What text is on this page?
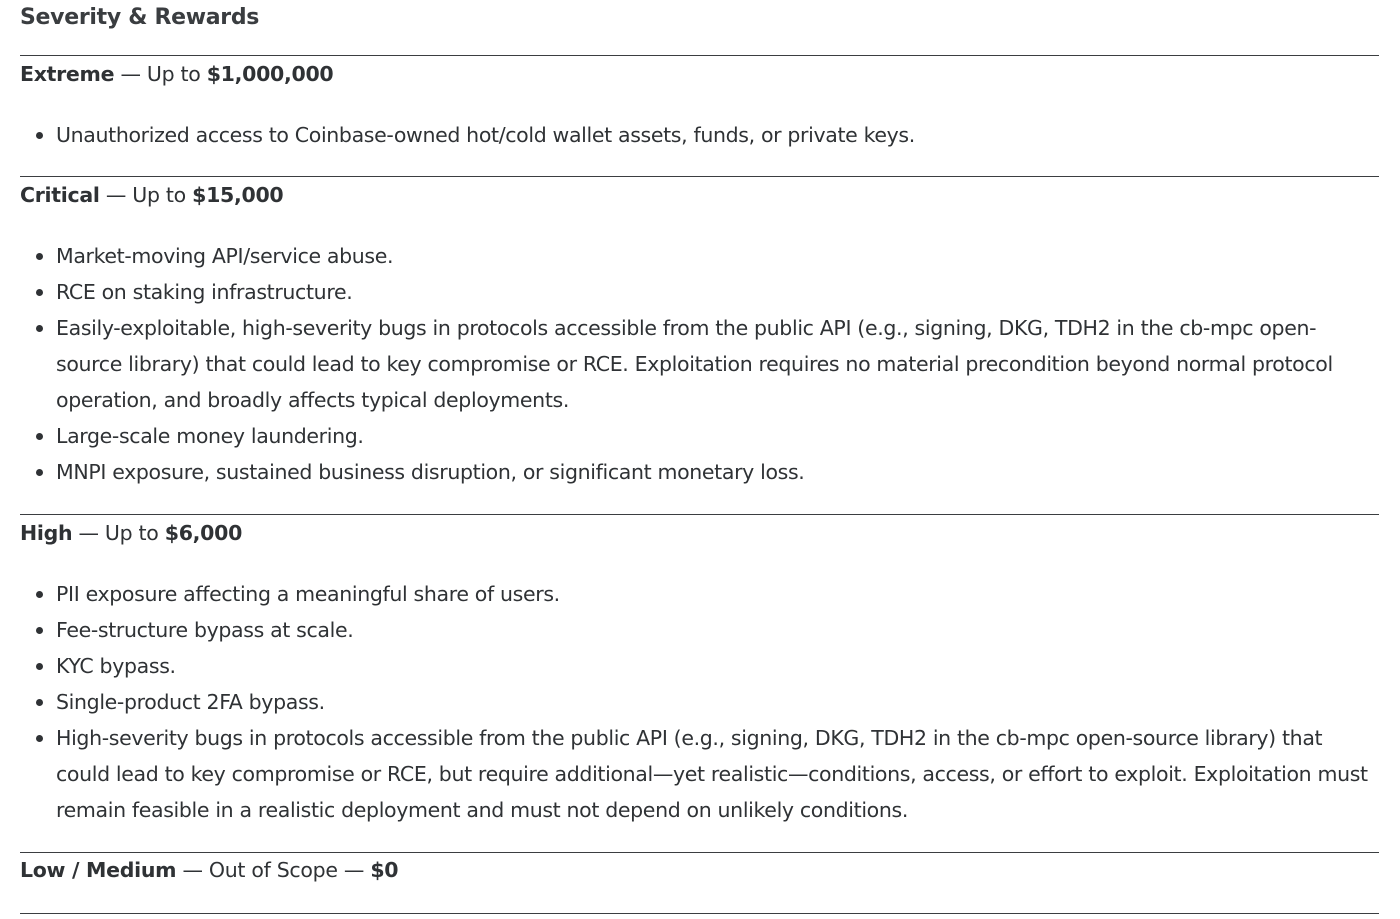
Severity & Rewards
Extreme — Up to $1,000,000
Unauthorized access to Coinbase-owned hot/cold wallet assets, funds, or private keys.
Critical — Up to $15,000
Market-moving API/service abuse.
RCE on staking infrastructure.
Easily-exploitable, high-severity bugs in protocols accessible from the public API (e.g., signing, DKG, TDH2 in the cb-mpc open-source library) that could lead to key compromise or RCE. Exploitation requires no material precondition beyond normal protocol operation, and broadly affects typical deployments.
Large-scale money laundering.
MNPI exposure, sustained business disruption, or significant monetary loss.
High — Up to $6,000
PII exposure affecting a meaningful share of users.
Fee-structure bypass at scale.
KYC bypass.
Single-product 2FA bypass.
High-severity bugs in protocols accessible from the public API (e.g., signing, DKG, TDH2 in the cb-mpc open-source library) that could lead to key compromise or RCE, but require additional—yet realistic—conditions, access, or effort to exploit. Exploitation must remain feasible in a realistic deployment and must not depend on unlikely conditions.
Low / Medium — Out of Scope — $0
